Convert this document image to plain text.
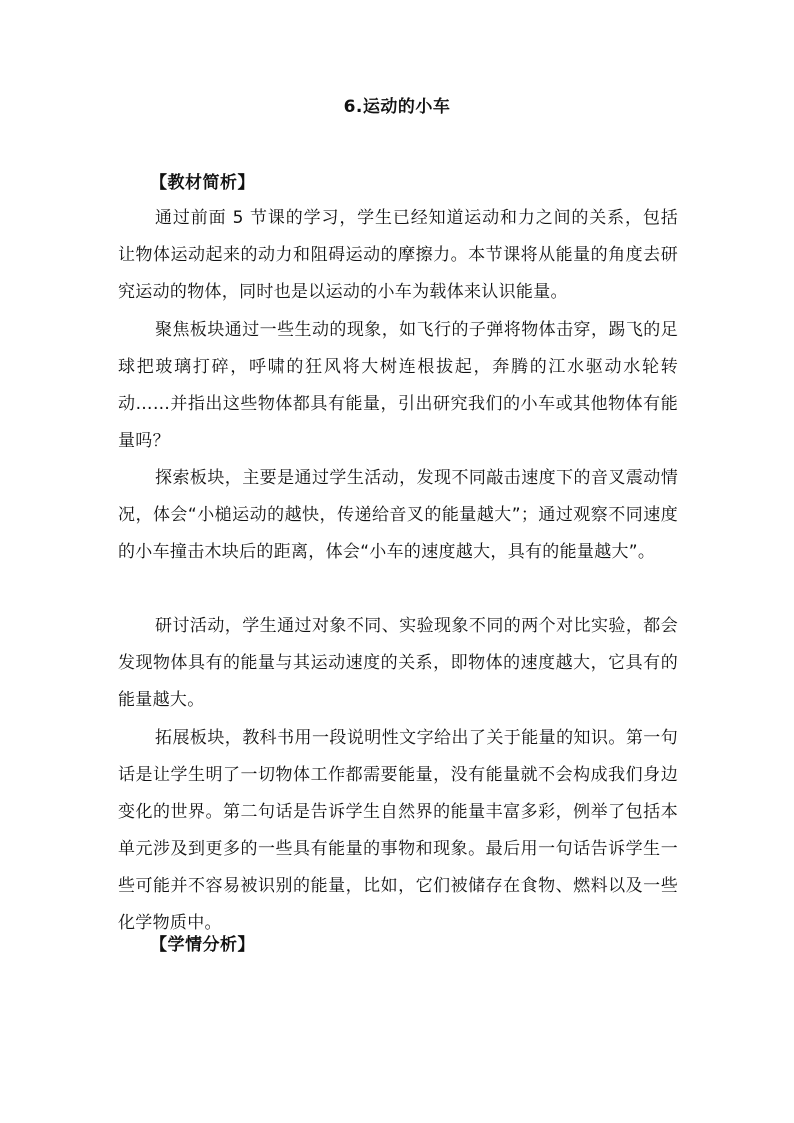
6.运动的小车
【教材简析】

通过前面 5 节课的学习，学生已经知道运动和力之间的关系，包括让物体运动起来的动力和阻碍运动的摩擦力。本节课将从能量的角度去研究运动的物体，同时也是以运动的小车为载体来认识能量。

聚焦板块通过一些生动的现象，如飞行的子弹将物体击穿，踢飞的足球把玻璃打碎，呼啸的狂风将大树连根拔起，奔腾的江水驱动水轮转动……并指出这些物体都具有能量，引出研究我们的小车或其他物体有能量吗？

探索板块，主要是通过学生活动，发现不同敲击速度下的音叉震动情况，体会“小槌运动的越快，传递给音叉的能量越大”；通过观察不同速度的小车撞击木块后的距离，体会“小车的速度越大，具有的能量越大”。

研讨活动，学生通过对象不同、实验现象不同的两个对比实验，都会发现物体具有的能量与其运动速度的关系，即物体的速度越大，它具有的能量越大。

拓展板块，教科书用一段说明性文字给出了关于能量的知识。第一句话是让学生明了一切物体工作都需要能量，没有能量就不会构成我们身边变化的世界。第二句话是告诉学生自然界的能量丰富多彩，例举了包括本单元涉及到更多的一些具有能量的事物和现象。最后用一句话告诉学生一些可能并不容易被识别的能量，比如，它们被储存在食物、燃料以及一些化学物质中。

【学情分析】
